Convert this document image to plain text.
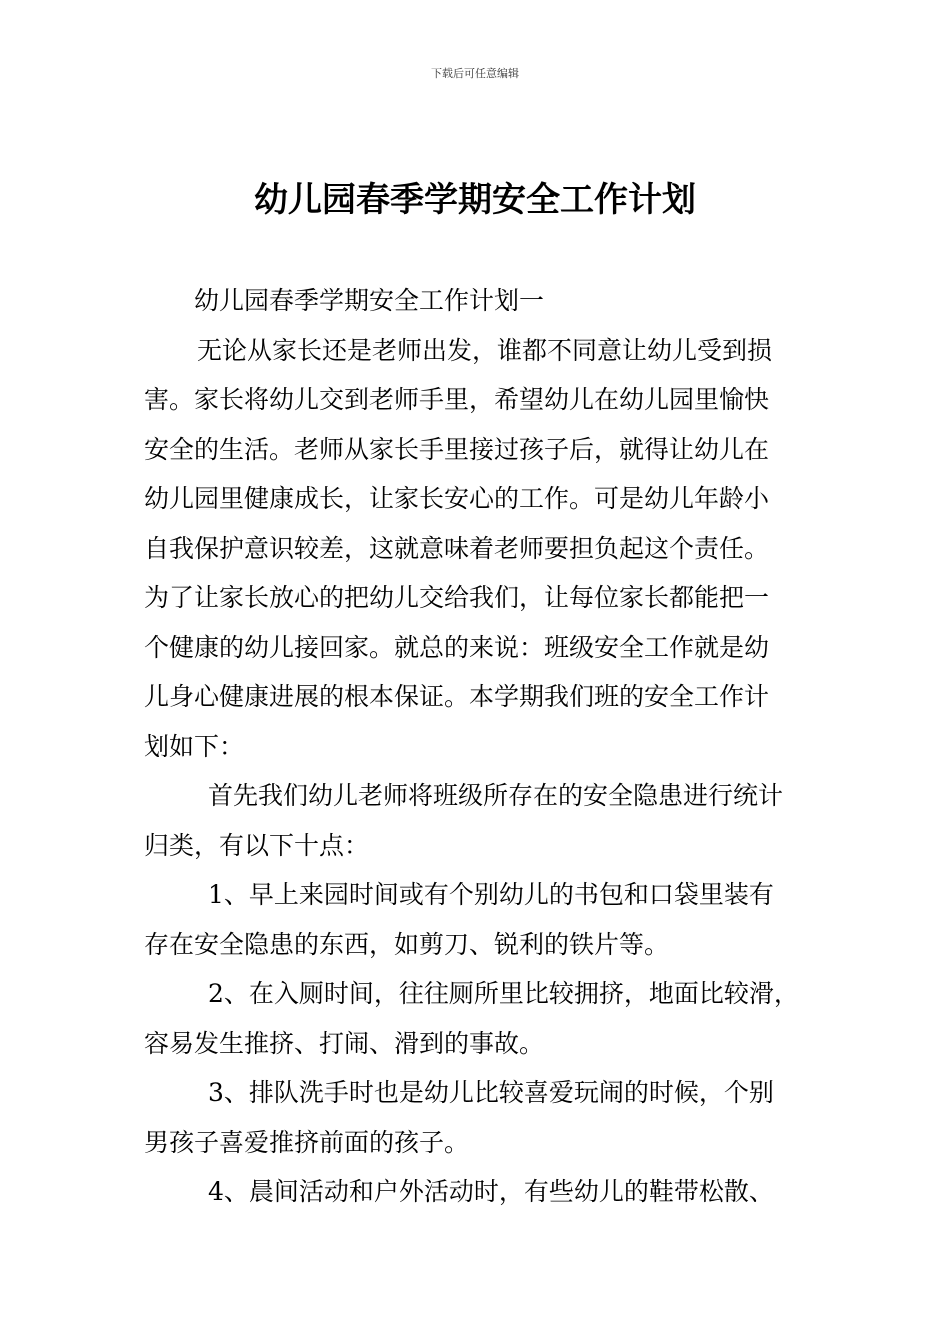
下载后可任意编辑
幼儿园春季学期安全工作计划
幼儿园春季学期安全工作计划一
无论从家长还是老师出发，谁都不同意让幼儿受到损
害。家长将幼儿交到老师手里，希望幼儿在幼儿园里愉快
安全的生活。老师从家长手里接过孩子后，就得让幼儿在
幼儿园里健康成长，让家长安心的工作。可是幼儿年龄小
自我保护意识较差，这就意味着老师要担负起这个责任。
为了让家长放心的把幼儿交给我们，让每位家长都能把一
个健康的幼儿接回家。就总的来说：班级安全工作就是幼
儿身心健康进展的根本保证。本学期我们班的安全工作计
划如下：
首先我们幼儿老师将班级所存在的安全隐患进行统计
归类，有以下十点：
1、早上来园时间或有个别幼儿的书包和口袋里装有
存在安全隐患的东西，如剪刀、锐利的铁片等。
2、在入厕时间，往往厕所里比较拥挤，地面比较滑，
容易发生推挤、打闹、滑到的事故。
3、排队洗手时也是幼儿比较喜爱玩闹的时候，个别
男孩子喜爱推挤前面的孩子。
4、晨间活动和户外活动时，有些幼儿的鞋带松散、
